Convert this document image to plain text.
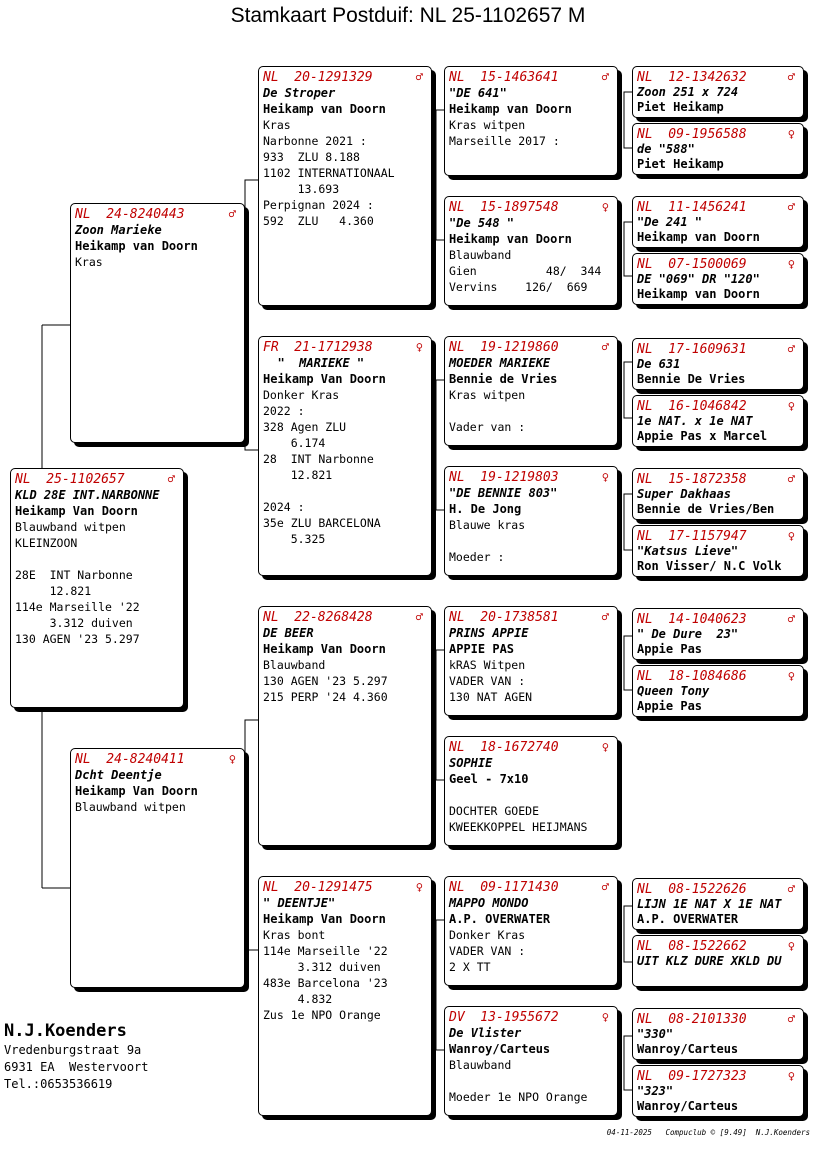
Stamkaart Postduif: NL 25-1102657 M
NL  25-1102657	♂
KLD 28E INT.NARBONNE
Heikamp Van Doorn
Blauwband witpen
KLEINZOON
28E  INT Narbonne
12.821
114e Marseille '22
3.312 duiven
130 AGEN '23 5.297
NL  24-8240443	♂
Zoon Marieke
Heikamp van Doorn
Kras
NL  24-8240411	♀
Dcht Deentje
Heikamp Van Doorn
Blauwband witpen
NL  20-1291329	♂
De Stroper
Heikamp van Doorn
Kras
Narbonne 2021 :
933  ZLU 8.188
1102 INTERNATIONAAL
13.693
Perpignan 2024 :
592  ZLU   4.360
FR  21-1712938	♀
"  MARIEKE "
Heikamp Van Doorn
Donker Kras
2022 :
328 Agen ZLU
6.174
28  INT Narbonne
12.821
2024 :
35e ZLU BARCELONA
5.325
NL  22-8268428	♂
DE BEER
Heikamp Van Doorn
Blauwband
130 AGEN '23 5.297
215 PERP '24 4.360
NL  20-1291475	♀
" DEENTJE"
Heikamp Van Doorn
Kras bont
114e Marseille '22
3.312 duiven
483e Barcelona '23
4.832
Zus 1e NPO Orange
NL  15-1463641	♂
"DE 641"
Heikamp van Doorn
Kras witpen
Marseille 2017 :
NL  15-1897548	♀
"De 548 "
Heikamp van Doorn
Blauwband
Gien          48/  344
Vervins    126/  669
NL  19-1219860	♂
MOEDER MARIEKE
Bennie de Vries
Kras witpen
Vader van :
NL  19-1219803	♀
"DE BENNIE 803"
H. De Jong
Blauwe kras
Moeder :
NL  20-1738581	♂
PRINS APPIE
APPIE PAS
kRAS Witpen
VADER VAN :
130 NAT AGEN
NL  18-1672740	♀
SOPHIE
Geel - 7x10
DOCHTER GOEDE
KWEEKKOPPEL HEIJMANS
NL  09-1171430	♂
MAPPO MONDO
A.P. OVERWATER
Donker Kras
VADER VAN :
2 X TT
DV  13-1955672	♀
De Vlister
Wanroy/Carteus
Blauwband
Moeder 1e NPO Orange
NL  12-1342632	♂
Zoon 251 x 724
Piet Heikamp
NL  09-1956588	♀
de "588"
Piet Heikamp
NL  11-1456241	♂
"De 241 "
Heikamp van Doorn
NL  07-1500069	♀
DE "069" DR "120"
Heikamp van Doorn
NL  17-1609631	♂
De 631
Bennie De Vries
NL  16-1046842	♀
1e NAT. x 1e NAT
Appie Pas x Marcel
NL  15-1872358	♂
Super Dakhaas
Bennie de Vries/Ben
NL  17-1157947	♀
"Katsus Lieve"
Ron Visser/ N.C Volk
NL  14-1040623	♂
" De Dure  23"
Appie Pas
NL  18-1084686	♀
Queen Tony
Appie Pas
NL  08-1522626	♂
LIJN 1E NAT X 1E NAT
A.P. OVERWATER
NL  08-1522662	♀
UIT KLZ DURE XKLD DU
NL  08-2101330	♂
"330"
Wanroy/Carteus
NL  09-1727323	♀
"323"
Wanroy/Carteus
N.J.Koenders
Vredenburgstraat 9a
6931 EA  Westervoort
Tel.:0653536619
04-11-2025   Compuclub © [9.49]  N.J.Koenders
